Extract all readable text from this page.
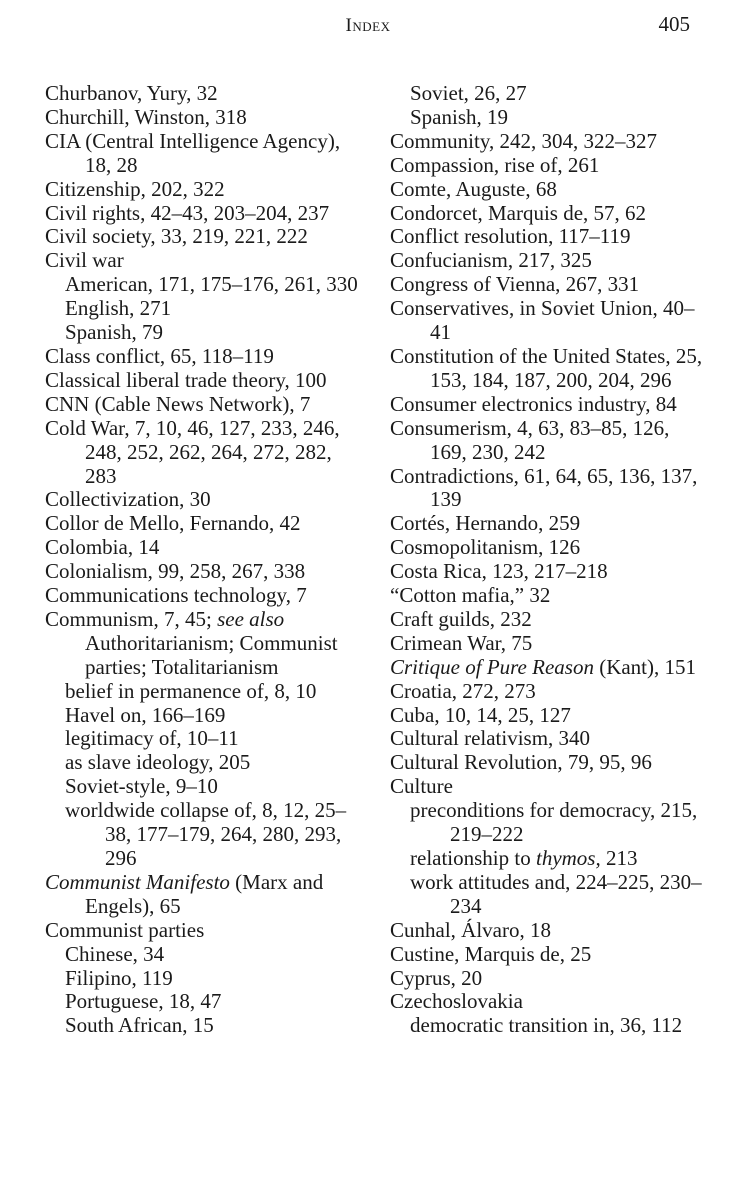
Index	405

Churbanov, Yury, 32

Churchill, Winston, 318

CIA (Central Intelligence Agency), 18, 28

Citizenship, 202, 322

Civil rights, 42–43, 203–204, 237

Civil society, 33, 219, 221, 222

Civil war

American, 171, 175–176, 261, 330

English, 271

Spanish, 79

Class conflict, 65, 118–119

Classical liberal trade theory, 100

CNN (Cable News Network), 7

Cold War, 7, 10, 46, 127, 233, 246, 248, 252, 262, 264, 272, 282, 283

Collectivization, 30

Collor de Mello, Fernando, 42

Colombia, 14

Colonialism, 99, 258, 267, 338

Communications technology, 7

Communism, 7, 45; see also Authoritarianism; Communist parties; Totalitarianism

belief in permanence of, 8, 10

Havel on, 166–169

legitimacy of, 10–11

as slave ideology, 205

Soviet-style, 9–10

worldwide collapse of, 8, 12, 25–38, 177–179, 264, 280, 293, 296

Communist Manifesto (Marx and Engels), 65

Communist parties

Chinese, 34

Filipino, 119

Portuguese, 18, 47

South African, 15

Soviet, 26, 27

Spanish, 19

Community, 242, 304, 322–327

Compassion, rise of, 261

Comte, Auguste, 68

Condorcet, Marquis de, 57, 62

Conflict resolution, 117–119

Confucianism, 217, 325

Congress of Vienna, 267, 331

Conservatives, in Soviet Union, 40–41

Constitution of the United States, 25, 153, 184, 187, 200, 204, 296

Consumer electronics industry, 84

Consumerism, 4, 63, 83–85, 126, 169, 230, 242

Contradictions, 61, 64, 65, 136, 137, 139

Cortés, Hernando, 259

Cosmopolitanism, 126

Costa Rica, 123, 217–218

“Cotton mafia,” 32

Craft guilds, 232

Crimean War, 75

Critique of Pure Reason (Kant), 151

Croatia, 272, 273

Cuba, 10, 14, 25, 127

Cultural relativism, 340

Cultural Revolution, 79, 95, 96

Culture

preconditions for democracy, 215, 219–222

relationship to thymos, 213

work attitudes and, 224–225, 230–234

Cunhal, Álvaro, 18

Custine, Marquis de, 25

Cyprus, 20

Czechoslovakia

democratic transition in, 36, 112
